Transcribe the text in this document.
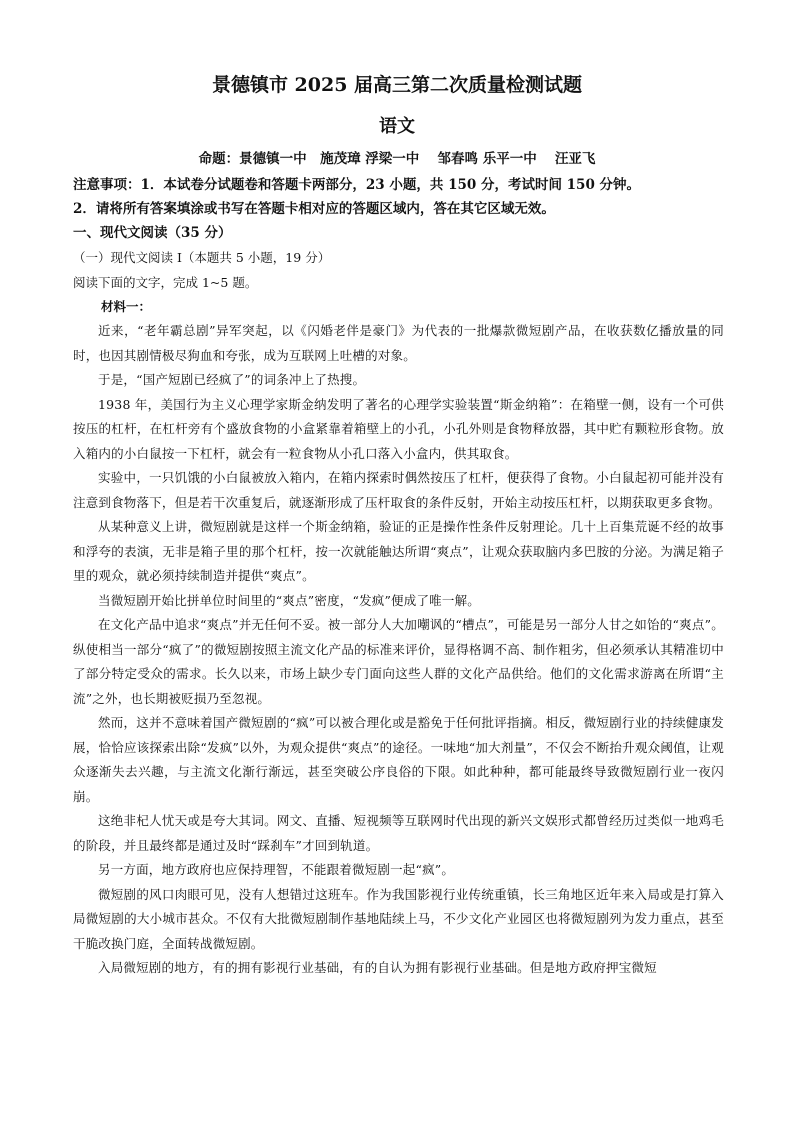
景德镇市 2025 届高三第二次质量检测试题
语文
命题：景德镇一中　施茂璋 浮梁一中　 邹春鸣 乐平一中　 汪亚飞
注意事项：1．本试卷分试题卷和答题卡两部分，23 小题，共 150 分，考试时间 150 分钟。
2．请将所有答案填涂或书写在答题卡相对应的答题区域内，答在其它区域无效。
一、现代文阅读（35 分）
（一）现代文阅读 I（本题共 5 小题，19 分）
阅读下面的文字，完成 1~5 题。
材料一：

近来，“老年霸总剧”异军突起，以《闪婚老伴是豪门》为代表的一批爆款微短剧产品，在收获数亿播放量的同时，也因其剧情极尽狗血和夸张，成为互联网上吐槽的对象。

于是，“国产短剧已经疯了”的词条冲上了热搜。

1938 年，美国行为主义心理学家斯金纳发明了著名的心理学实验装置“斯金纳箱”：在箱壁一侧，设有一个可供按压的杠杆，在杠杆旁有个盛放食物的小盒紧靠着箱壁上的小孔，小孔外则是食物释放器，其中贮有颗粒形食物。放入箱内的小白鼠按一下杠杆，就会有一粒食物从小孔口落入小盒内，供其取食。

实验中，一只饥饿的小白鼠被放入箱内，在箱内探索时偶然按压了杠杆，便获得了食物。小白鼠起初可能并没有注意到食物落下，但是若干次重复后，就逐渐形成了压杆取食的条件反射，开始主动按压杠杆，以期获取更多食物。

从某种意义上讲，微短剧就是这样一个斯金纳箱，验证的正是操作性条件反射理论。几十上百集荒诞不经的故事和浮夸的表演，无非是箱子里的那个杠杆，按一次就能触达所谓“爽点”，让观众获取脑内多巴胺的分泌。为满足箱子里的观众，就必须持续制造并提供“爽点”。

当微短剧开始比拼单位时间里的“爽点”密度，“发疯”便成了唯一解。

在文化产品中追求“爽点”并无任何不妥。被一部分人大加嘲讽的“槽点”，可能是另一部分人甘之如饴的“爽点”。纵使相当一部分“疯了”的微短剧按照主流文化产品的标准来评价，显得格调不高、制作粗劣，但必须承认其精准切中了部分特定受众的需求。长久以来，市场上缺少专门面向这些人群的文化产品供给。他们的文化需求游离在所谓“主流”之外，也长期被贬损乃至忽视。

然而，这并不意味着国产微短剧的“疯”可以被合理化或是豁免于任何批评指摘。相反，微短剧行业的持续健康发展，恰恰应该探索出除“发疯”以外，为观众提供“爽点”的途径。一味地“加大剂量”，不仅会不断抬升观众阈值，让观众逐渐失去兴趣，与主流文化渐行渐远，甚至突破公序良俗的下限。如此种种，都可能最终导致微短剧行业一夜闪崩。

这绝非杞人忧天或是夸大其词。网文、直播、短视频等互联网时代出现的新兴文娱形式都曾经历过类似一地鸡毛的阶段，并且最终都是通过及时“踩刹车”才回到轨道。

另一方面，地方政府也应保持理智，不能跟着微短剧一起“疯”。

微短剧的风口肉眼可见，没有人想错过这班车。作为我国影视行业传统重镇，长三角地区近年来入局或是打算入局微短剧的大小城市甚众。不仅有大批微短剧制作基地陆续上马，不少文化产业园区也将微短剧列为发力重点，甚至干脆改换门庭，全面转战微短剧。

入局微短剧的地方，有的拥有影视行业基础，有的自认为拥有影视行业基础。但是地方政府押宝微短
